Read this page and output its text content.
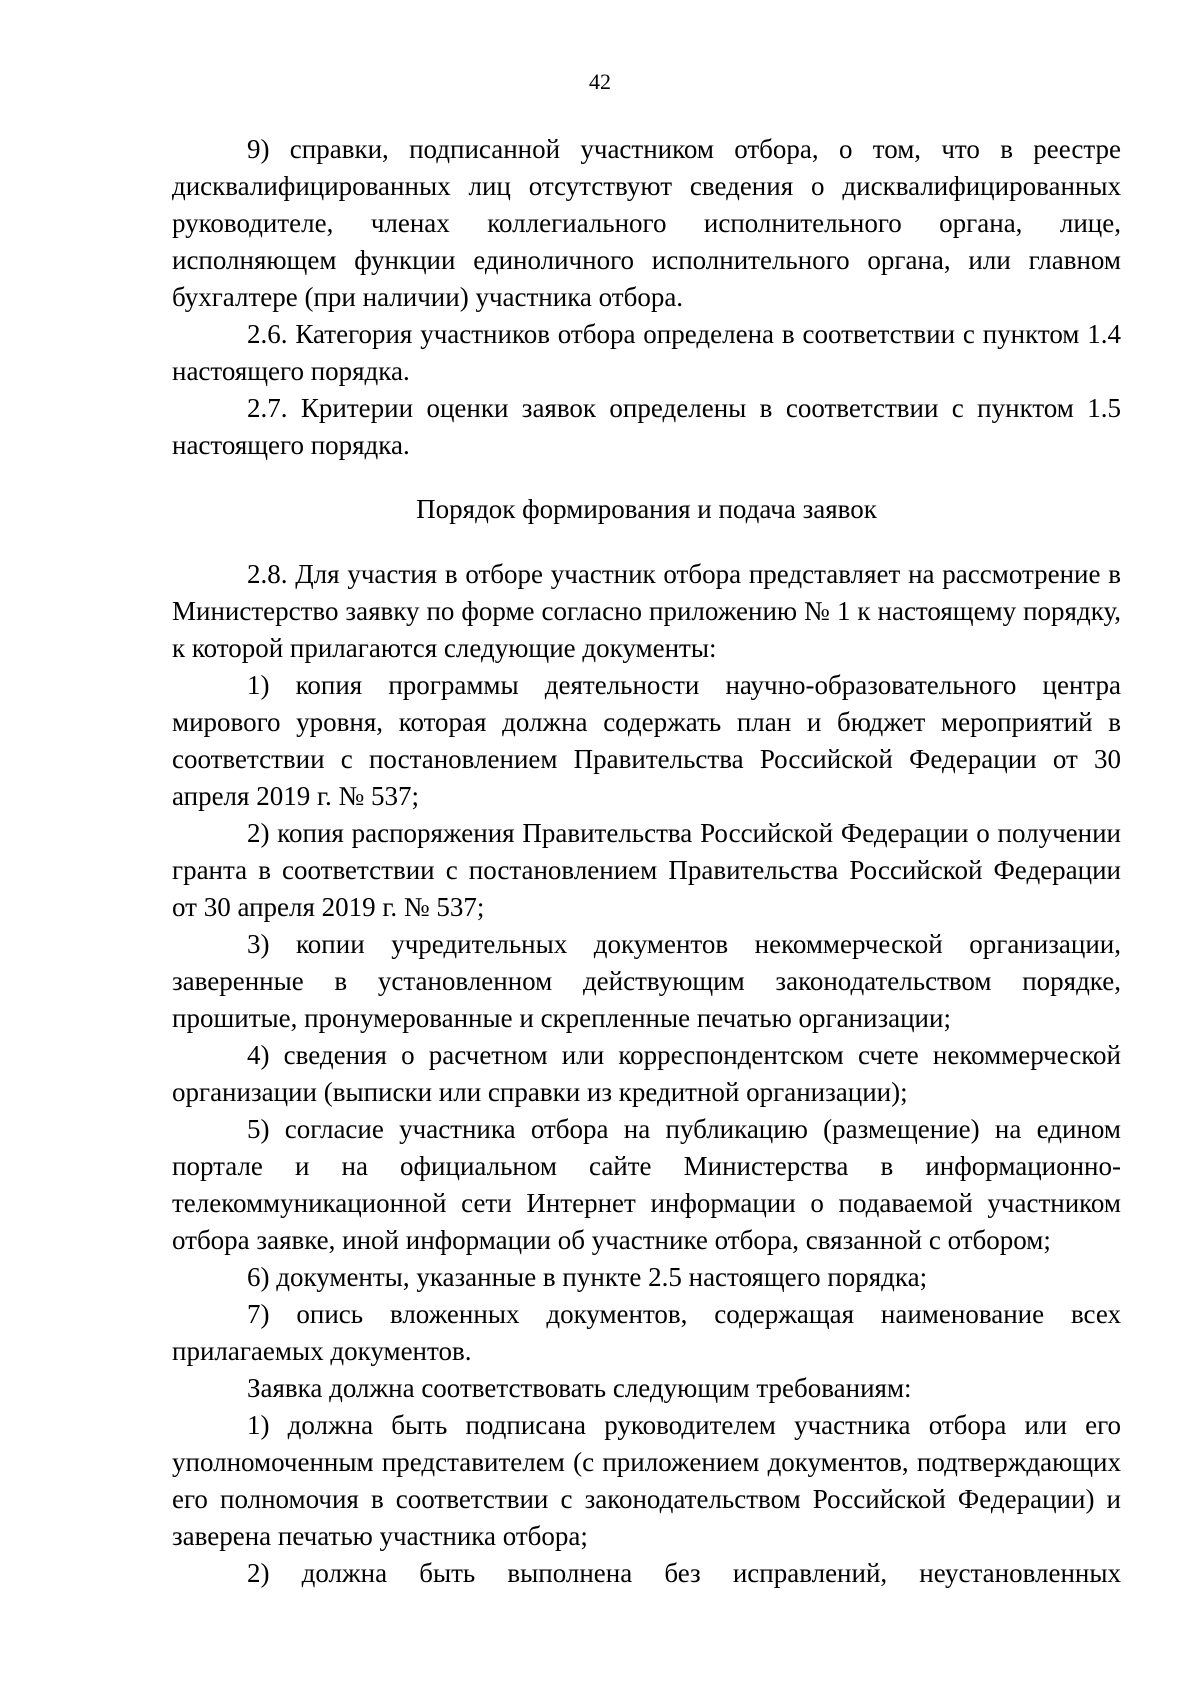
42

9) справки, подписанной участником отбора, о том, что в реестре дисквалифицированных лиц отсутствуют сведения о дисквалифицированных руководителе, членах коллегиального исполнительного органа, лице, исполняющем функции единоличного исполнительного органа, или главном бухгалтере (при наличии) участника отбора.

2.6. Категория участников отбора определена в соответствии с пунктом 1.4 настоящего порядка.

2.7. Критерии оценки заявок определены в соответствии с пунктом 1.5 настоящего порядка.

Порядок формирования и подача заявок

2.8. Для участия в отборе участник отбора представляет на рассмотрение в Министерство заявку по форме согласно приложению № 1 к настоящему порядку, к которой прилагаются следующие документы:

1) копия программы деятельности научно-образовательного центра мирового уровня, которая должна содержать план и бюджет мероприятий в соответствии с постановлением Правительства Российской Федерации от 30 апреля 2019 г. № 537;

2) копия распоряжения Правительства Российской Федерации о получении гранта в соответствии с постановлением Правительства Российской Федерации от 30 апреля 2019 г. № 537;

3) копии учредительных документов некоммерческой организации, заверенные в установленном действующим законодательством порядке, прошитые, пронумерованные и скрепленные печатью организации;

4) сведения о расчетном или корреспондентском счете некоммерческой организации (выписки или справки из кредитной организации);

5) согласие участника отбора на публикацию (размещение) на едином портале и на официальном сайте Министерства в информационно-телекоммуникационной сети Интернет информации о подаваемой участником отбора заявке, иной информации об участнике отбора, связанной с отбором;

6) документы, указанные в пункте 2.5 настоящего порядка;

7) опись вложенных документов, содержащая наименование всех прилагаемых документов.

Заявка должна соответствовать следующим требованиям:

1) должна быть подписана руководителем участника отбора или его уполномоченным представителем (с приложением документов, подтверждающих его полномочия в соответствии с законодательством Российской Федерации) и заверена печатью участника отбора;

2) должна быть выполнена без исправлений, неустановленных
